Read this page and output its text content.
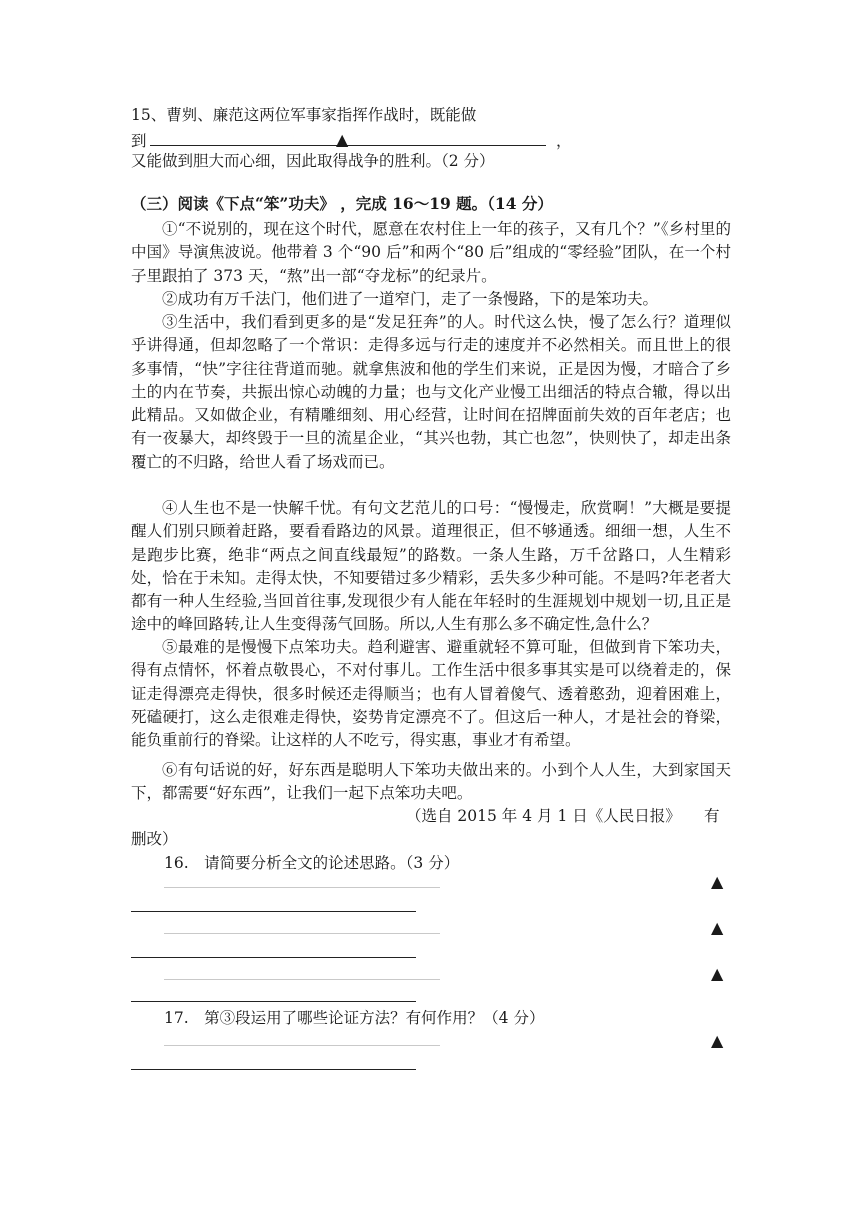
15、曹刿、廉范这两位军事家指挥作战时，既能做
到	▲	，
又能做到胆大而心细，因此取得战争的胜利。（2 分）
（三）阅读《下点“笨”功夫》 ，完成 16～19 题。（14 分）
①“不说别的，现在这个时代，愿意在农村住上一年的孩子，又有几个？”《乡村里的中国》导演焦波说。他带着 3 个“90 后”和两个“80 后”组成的“零经验”团队，在一个村子里跟拍了 373 天，“熬”出一部“夺龙标”的纪录片。
②成功有万千法门，他们进了一道窄门，走了一条慢路，下的是笨功夫。
③生活中，我们看到更多的是“发足狂奔”的人。时代这么快，慢了怎么行？道理似乎讲得通，但却忽略了一个常识：走得多远与行走的速度并不必然相关。而且世上的很多事情，“快”字往往背道而驰。就拿焦波和他的学生们来说，正是因为慢，才暗合了乡土的内在节奏，共振出惊心动魄的力量；也与文化产业慢工出细活的特点合辙，得以出此精品。又如做企业，有精雕细刻、用心经营，让时间在招牌面前失效的百年老店；也有一夜暴大，却终毁于一旦的流星企业，“其兴也勃，其亡也忽”，快则快了，却走出条覆亡的不归路，给世人看了场戏而已。
④人生也不是一快解千忧。有句文艺范儿的口号：“慢慢走，欣赏啊！”大概是要提醒人们别只顾着赶路，要看看路边的风景。道理很正，但不够通透。细细一想，人生不是跑步比赛，绝非“两点之间直线最短”的路数。一条人生路，万千岔路口，人生精彩处，恰在于未知。走得太快，不知要错过多少精彩，丢失多少种可能。不是吗?年老者大都有一种人生经验,当回首往事,发现很少有人能在年轻时的生涯规划中规划一切,且正是途中的峰回路转,让人生变得荡气回肠。所以,人生有那么多不确定性,急什么？
⑤最难的是慢慢下点笨功夫。趋利避害、避重就轻不算可耻，但做到肯下笨功夫，得有点情怀，怀着点敬畏心，不对付事儿。工作生活中很多事其实是可以绕着走的，保证走得漂亮走得快，很多时候还走得顺当；也有人冒着傻气、透着憨劲，迎着困难上，死磕硬打，这么走很难走得快，姿势肯定漂亮不了。但这后一种人，才是社会的脊梁，能负重前行的脊梁。让这样的人不吃亏，得实惠，事业才有希望。
⑥有句话说的好，好东西是聪明人下笨功夫做出来的。小到个人人生，大到家国天下，都需要“好东西”，让我们一起下点笨功夫吧。
（选自 2015 年 4 月 1 日《人民日报》　　有
删改）
16.　请简要分析全文的论述思路。（3 分）
▲
▲
▲
17.　第③段运用了哪些论证方法？有何作用？（4 分）
▲
